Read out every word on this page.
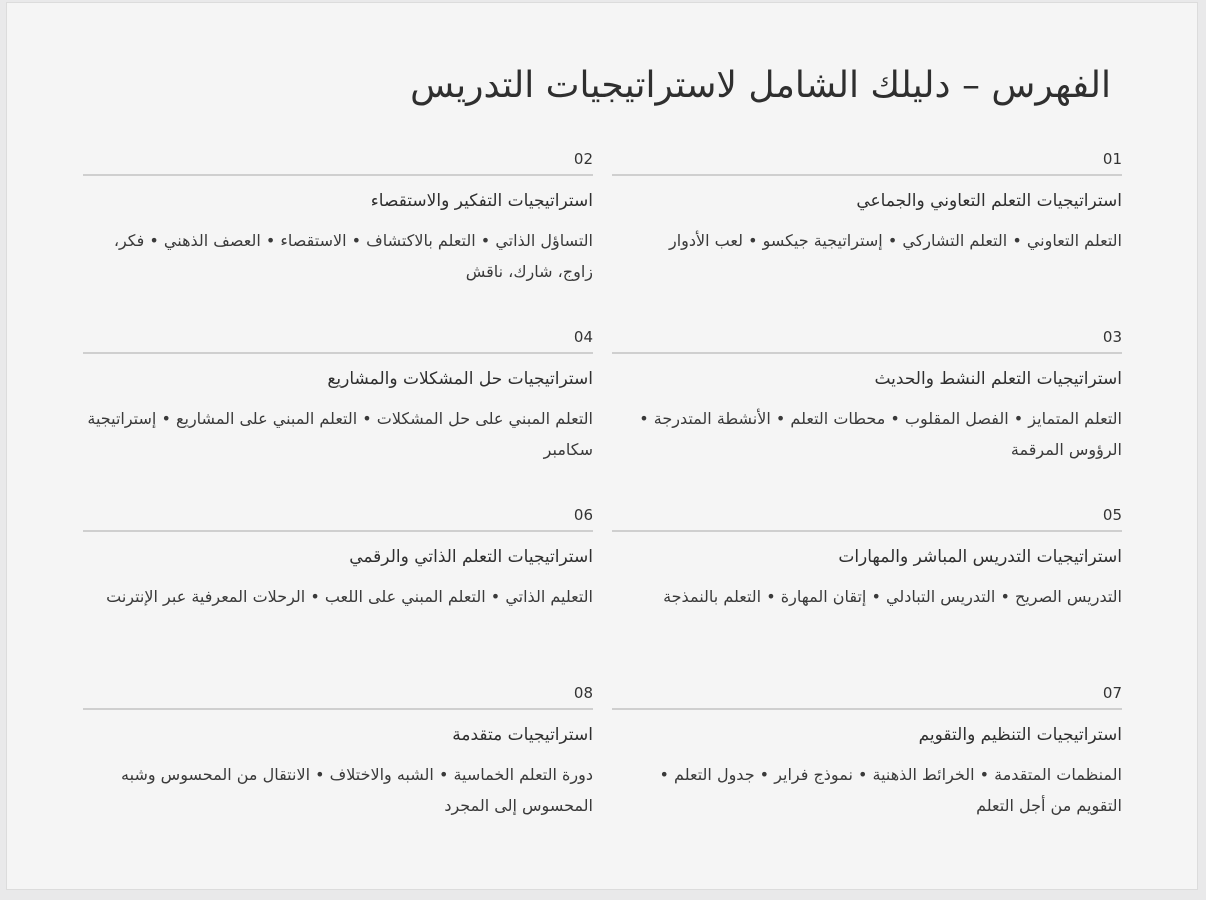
الفهرس – دليلك الشامل لاستراتيجيات التدريس
01
استراتيجيات التعلم التعاوني والجماعي
التعلم التعاوني • التعلم التشاركي • إستراتيجية جيكسو • لعب الأدوار
02
استراتيجيات التفكير والاستقصاء
التساؤل الذاتي • التعلم بالاكتشاف • الاستقصاء • العصف الذهني • فكر، زاوج، شارك، ناقش
03
استراتيجيات التعلم النشط والحديث
التعلم المتمايز • الفصل المقلوب • محطات التعلم • الأنشطة المتدرجة • الرؤوس المرقمة
04
استراتيجيات حل المشكلات والمشاريع
التعلم المبني على حل المشكلات • التعلم المبني على المشاريع • إستراتيجية سكامبر
05
استراتيجيات التدريس المباشر والمهارات
التدريس الصريح • التدريس التبادلي • إتقان المهارة • التعلم بالنمذجة
06
استراتيجيات التعلم الذاتي والرقمي
التعليم الذاتي • التعلم المبني على اللعب • الرحلات المعرفية عبر الإنترنت
07
استراتيجيات التنظيم والتقويم
المنظمات المتقدمة • الخرائط الذهنية • نموذج فراير • جدول التعلم • التقويم من أجل التعلم
08
استراتيجيات متقدمة
دورة التعلم الخماسية • الشبه والاختلاف • الانتقال من المحسوس وشبه المحسوس إلى المجرد
